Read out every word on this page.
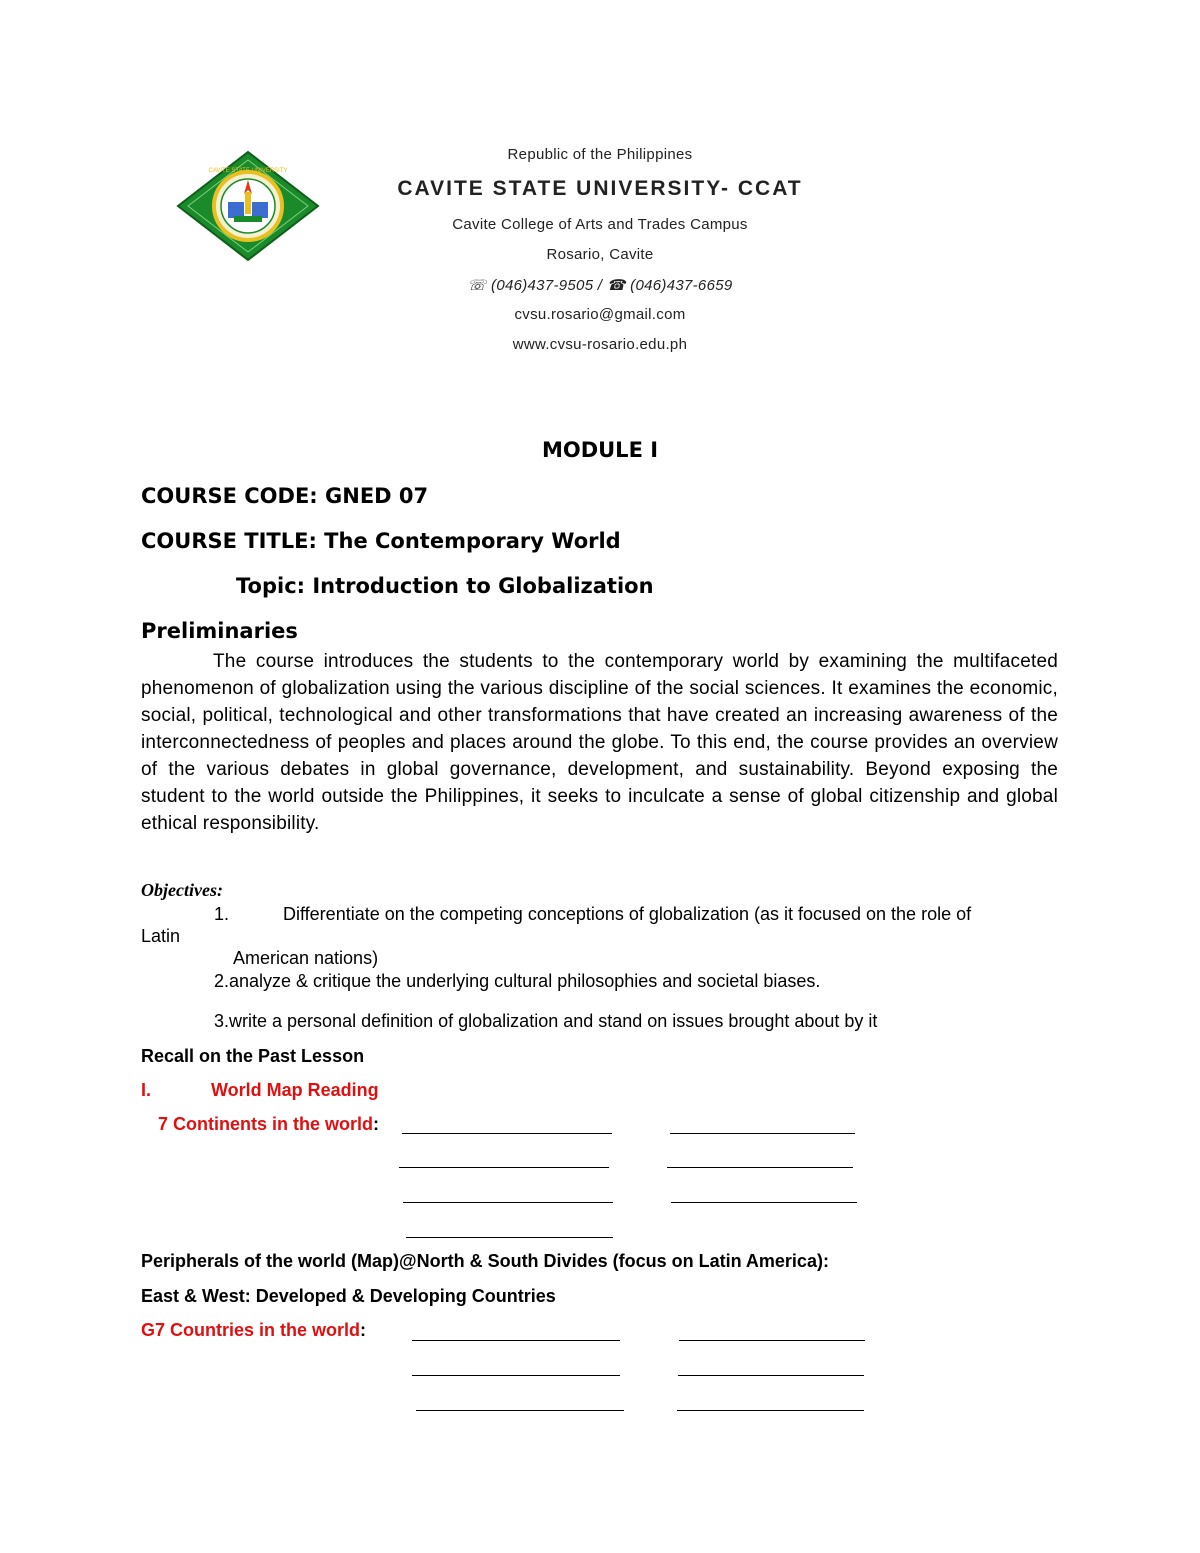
CAVITE STATE UNIVERSITY
Republic of the Philippines
CAVITE STATE UNIVERSITY- CCAT
Cavite College of Arts and Trades Campus
Rosario, Cavite
☏ (046)437-9505 / ☎ (046)437-6659
cvsu.rosario@gmail.com
www.cvsu-rosario.edu.ph
MODULE I
COURSE CODE: GNED 07
COURSE TITLE: The Contemporary World
Topic: Introduction to Globalization
Preliminaries
The course introduces the students to the contemporary world by examining the multifaceted phenomenon of globalization using the various discipline of the social sciences. It examines the economic, social, political, technological and other transformations that have created an increasing awareness of the interconnectedness of peoples and places around the globe. To this end, the course provides an overview of the various debates in global governance, development, and sustainability. Beyond exposing the student to the world outside the Philippines, it seeks to inculcate a sense of global citizenship and global ethical responsibility.
Objectives:
1.	Differentiate on the competing conceptions of globalization (as it focused on the role of
Latin
American nations)
2.analyze & critique the underlying cultural philosophies and societal biases.
3.write a personal definition of globalization and stand on issues brought about by it
Recall on the Past Lesson
I.	World Map Reading
7 Continents in the world:
Peripherals of the world (Map)@North & South Divides (focus on Latin America):
East & West: Developed & Developing Countries
G7 Countries in the world:
